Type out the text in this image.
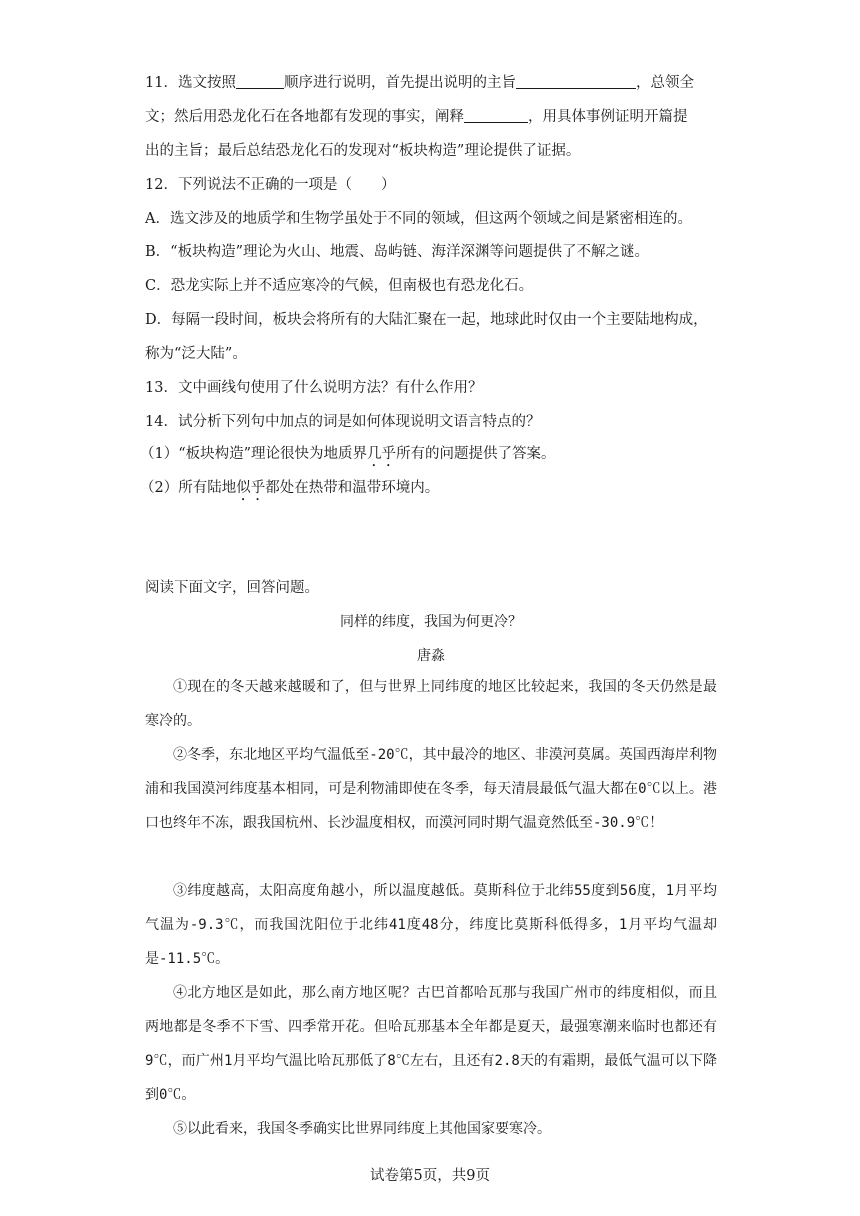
11．选文按照	顺序进行说明，首先提出说明的主旨	，总领全
文；然后用恐龙化石在各地都有发现的事实，阐释	，用具体事例证明开篇提
出的主旨；最后总结恐龙化石的发现对“板块构造”理论提供了证据。
12．下列说法不正确的一项是（　　）
A．选文涉及的地质学和生物学虽处于不同的领域，但这两个领域之间是紧密相连的。
B．“板块构造”理论为火山、地震、岛屿链、海洋深渊等问题提供了不解之谜。
C．恐龙实际上并不适应寒冷的气候，但南极也有恐龙化石。
D．每隔一段时间，板块会将所有的大陆汇聚在一起，地球此时仅由一个主要陆地构成，
称为“泛大陆”。
13．文中画线句使用了什么说明方法？有什么作用？
14．试分析下列句中加点的词是如何体现说明文语言特点的？
（1）“板块构造”理论很快为地质界几乎所有的问题提供了答案。
（2）所有陆地似乎都处在热带和温带环境内。
阅读下面文字，回答问题。
同样的纬度，我国为何更冷？
唐淼
①现在的冬天越来越暖和了，但与世界上同纬度的地区比较起来，我国的冬天仍然是最寒冷的。
②冬季，东北地区平均气温低至-20℃，其中最冷的地区、非漠河莫属。英国西海岸利物浦和我国漠河纬度基本相同，可是利物浦即使在冬季，每天清晨最低气温大都在0℃以上。港口也终年不冻，跟我国杭州、长沙温度相权，而漠河同时期气温竟然低至-30.9℃！
③纬度越高，太阳高度角越小，所以温度越低。莫斯科位于北纬55度到56度，1月平均气温为-9.3℃，而我国沈阳位于北纬41度48分，纬度比莫斯科低得多，1月平均气温却是-11.5℃。
④北方地区是如此，那么南方地区呢？古巴首都哈瓦那与我国广州市的纬度相似，而且两地都是冬季不下雪、四季常开花。但哈瓦那基本全年都是夏天，最强寒潮来临时也都还有9℃，而广州1月平均气温比哈瓦那低了8℃左右，且还有2.8天的有霜期，最低气温可以下降到0℃。
⑤以此看来，我国冬季确实比世界同纬度上其他国家要寒冷。
试卷第5页，共9页
